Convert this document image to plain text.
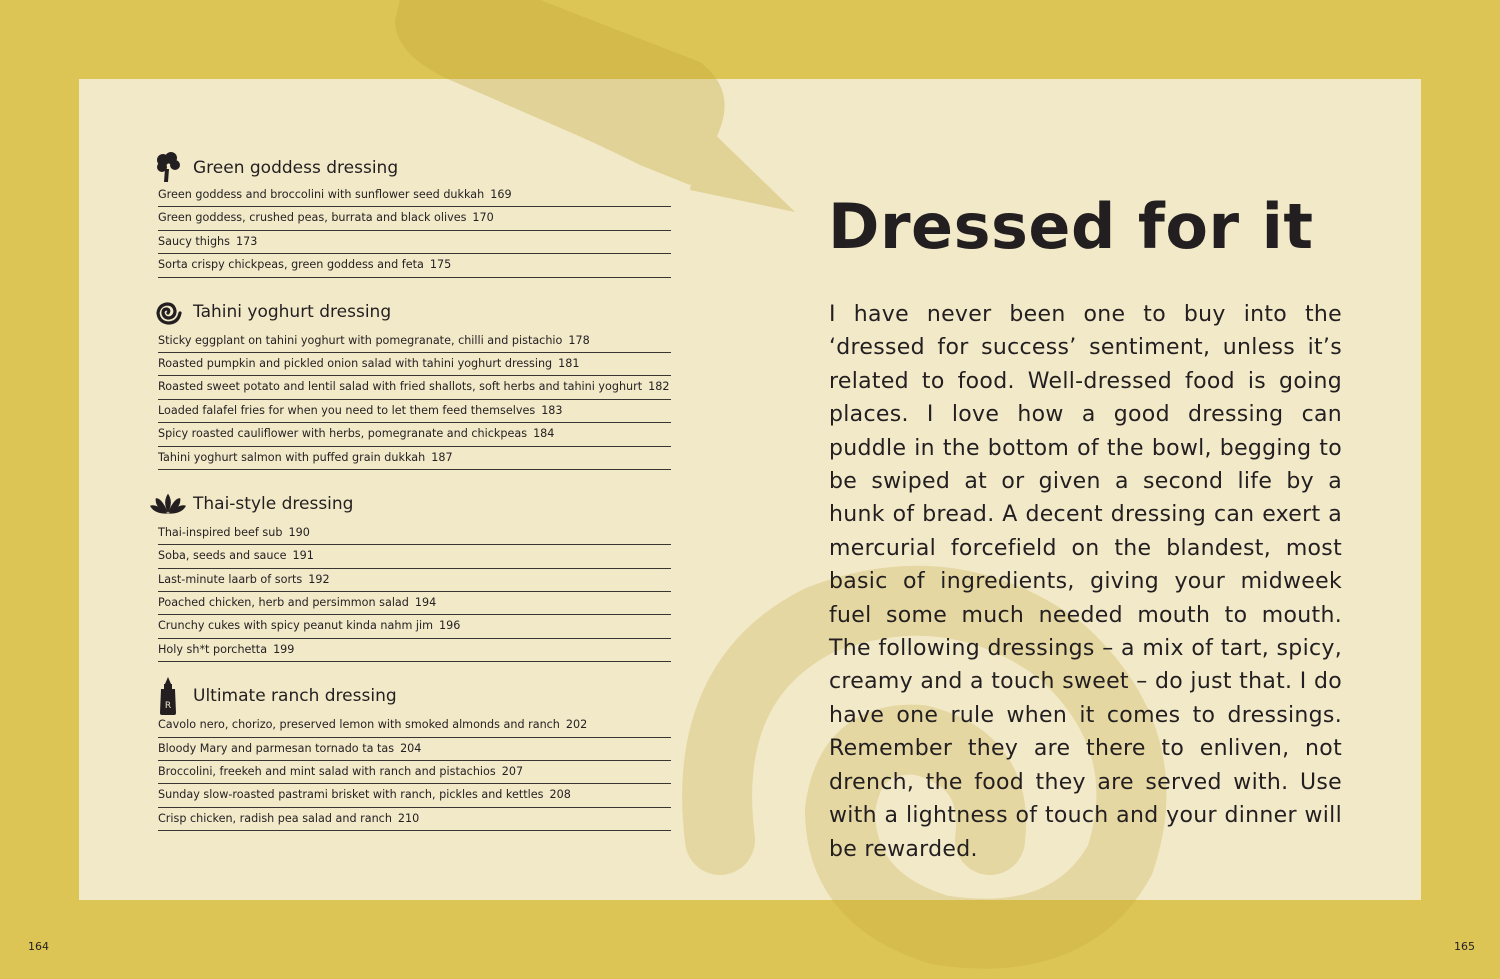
Green goddess dressing
Green goddess and broccolini with sunflower seed dukkah 169
Green goddess, crushed peas, burrata and black olives 170
Saucy thighs 173
Sorta crispy chickpeas, green goddess and feta 175
Tahini yoghurt dressing
Sticky eggplant on tahini yoghurt with pomegranate, chilli and pistachio 178
Roasted pumpkin and pickled onion salad with tahini yoghurt dressing 181
Roasted sweet potato and lentil salad with fried shallots, soft herbs and tahini yoghurt 182
Loaded falafel fries for when you need to let them feed themselves 183
Spicy roasted cauliflower with herbs, pomegranate and chickpeas 184
Tahini yoghurt salmon with puffed grain dukkah 187
Thai-style dressing
Thai-inspired beef sub 190
Soba, seeds and sauce 191
Last-minute laarb of sorts 192
Poached chicken, herb and persimmon salad 194
Crunchy cukes with spicy peanut kinda nahm jim 196
Holy sh*t porchetta 199
R Ultimate ranch dressing
Cavolo nero, chorizo, preserved lemon with smoked almonds and ranch 202
Bloody Mary and parmesan tornado ta tas 204
Broccolini, freekeh and mint salad with ranch and pistachios 207
Sunday slow-roasted pastrami brisket with ranch, pickles and kettles 208
Crisp chicken, radish pea salad and ranch 210
Dressed for it

I have never been one to buy into the ‘dressed for success’ sentiment, unless it’s related to food. Well-dressed food is going places. I love how a good dressing can puddle in the bottom of the bowl, begging to be swiped at or given a second life by a hunk of bread. A decent dressing can exert a mercurial forcefield on the blandest, most basic of ingredients, giving your midweek fuel some much needed mouth to mouth. The following dressings – a mix of tart, spicy, creamy and a touch sweet – do just that. I do have one rule when it comes to dressings. Remember they are there to enliven, not drench, the food they are served with. Use with a lightness of touch and your dinner will be rewarded.

164	165
